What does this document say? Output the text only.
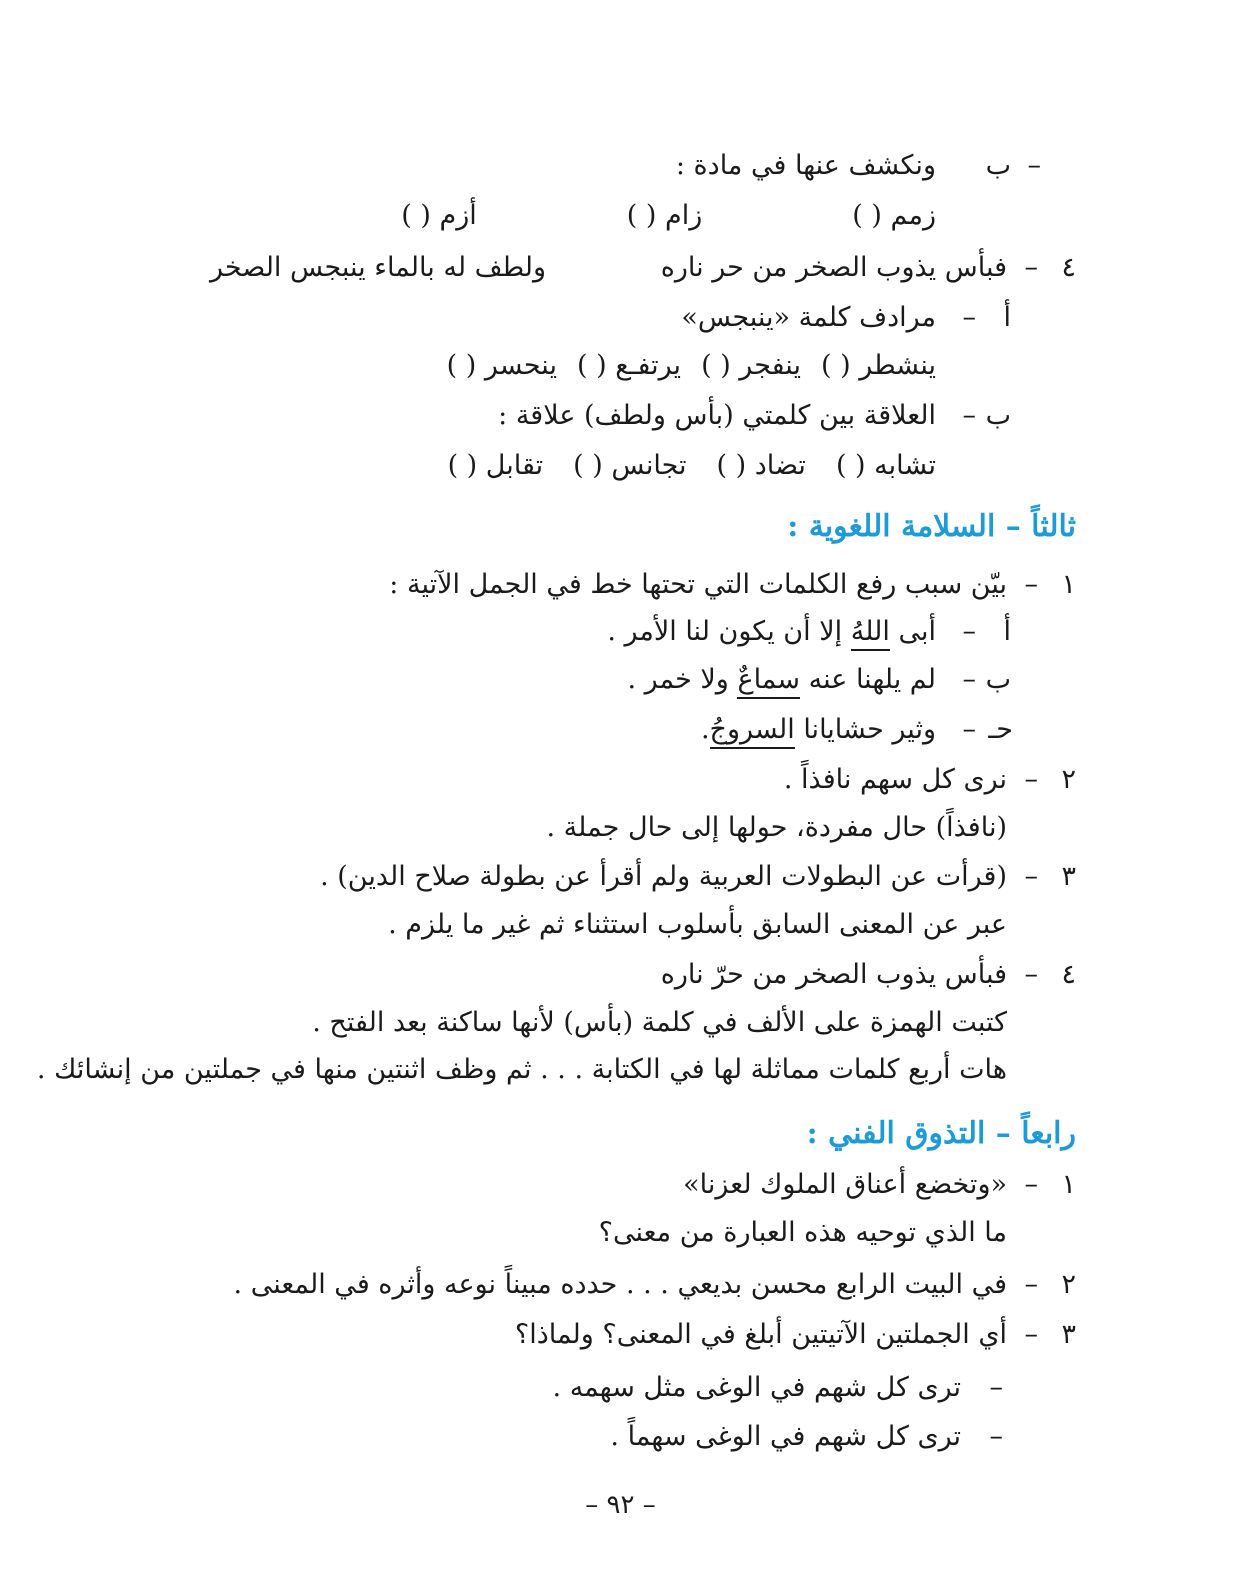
ب –
ونكشف عنها في مادة :
زمم ( )زام ( )أزم ( )
٤
–
فبأس يذوب الصخر من حر ناره
ولطف له بالماء ينبجس الصخر
أ
–
مرادف كلمة «ينبجس»
ينشطر ( )ينفجر ( )يرتفـع ( )ينحسر ( )
ب
–
العلاقة بين كلمتي (بأس ولطف) علاقة :
تشابه ( )تضاد ( )تجانس ( )تقابل ( )
ثالثاً – السلامة اللغوية :
١
–
بيّن سبب رفع الكلمات التي تحتها خط في الجمل الآتية :
أ
–
أبى اللهُ إلا أن يكون لنا الأمر .
ب
–
لم يلهنا عنه سماعٌ ولا خمر .
حـ
–
وثير حشايانا السروجُ.
٢
–
نرى كل سهم نافذاً .
(نافذاً) حال مفردة، حولها إلى حال جملة .
٣
–
(قرأت عن البطولات العربية ولم أقرأ عن بطولة صلاح الدين) .
عبر عن المعنى السابق بأسلوب استثناء ثم غير ما يلزم .
٤
–
فبأس يذوب الصخر من حرّ ناره
كتبت الهمزة على الألف في كلمة (بأس) لأنها ساكنة بعد الفتح .
هات أربع كلمات مماثلة لها في الكتابة . . . ثم وظف اثنتين منها في جملتين من إنشائك .
رابعاً – التذوق الفني :
١
–
«وتخضع أعناق الملوك لعزنا»
ما الذي توحيه هذه العبارة من معنى؟
٢
–
في البيت الرابع محسن بديعي . . . حدده مبيناً نوعه وأثره في المعنى .
٣
–
أي الجملتين الآتيتين أبلغ في المعنى؟ ولماذا؟
–
ترى كل شهم في الوغى مثل سهمه .
–
ترى كل شهم في الوغى سهماً .
– ٩٢ –
